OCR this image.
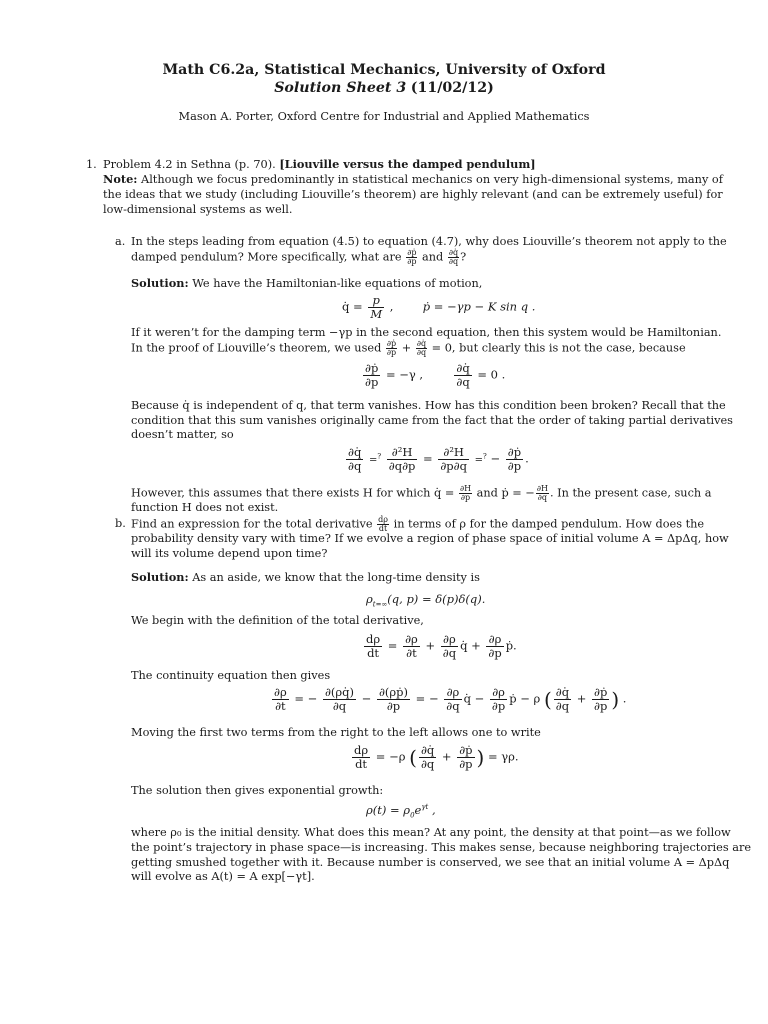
Math C6.2a, Statistical Mechanics, University of Oxford
Solution Sheet 3 (11/02/12)
Mason A. Porter, Oxford Centre for Industrial and Applied Mathematics
1. Problem 4.2 in Sethna (p. 70). [Liouville versus the damped pendulum]
Note: Although we focus predominantly in statistical mechanics on very high-dimensional systems, many of
the ideas that we study (including Liouville’s theorem) are highly relevant (and can be extremely useful) for
low-dimensional systems as well.
a. In the steps leading from equation (4.5) to equation (4.7), why does Liouville’s theorem not apply to the
damped pendulum? More specifically, what are $\frac{\text{∂ṗ}}{\partial p}$ and $\frac{\partial q̇}{\partial q}$ ?
Solution: We have the Hamiltonian-like equations of motion,
q̇ = $\frac{p}{M}$ ,  ṗ = −γp − K sin q .
If it weren’t for the damping term −γp in the second equation, then this system would be Hamiltonian.
In the proof of Liouville’s theorem, we used $\frac{\text{∂ṗ}}{\partial p} + \frac{\partial q̇}{\partial q} = 0$, but clearly this is not the case, because
$\frac{\text{∂ṗ}}{\partial p} = -\gamma$ ,	$\frac{\partial q̇}{\partial q} = 0$ .
Because q̇ is independent of q, that term vanishes. How has this condition been broken? Recall that the
condition that this sum vanishes originally came from the fact that the order of taking partial derivatives
doesn’t matter, so
$\frac{\partial q̇}{\partial q} =^? \frac{\text{∂²H}}{\partial q\partial p} = \frac{\text{∂²H}}{\partial p\partial q} =^? - \frac{\text{∂ṗ}}{\partial p}$ .
However, this assumes that there exists H for which q̇ = $\frac{\partial H}{\partial p}$ and ṗ = − $\frac{\partial H}{\partial q}$ . In the present case, such a
function H does not exist.
b. Find an expression for the total derivative $\frac{d\rho}{dt}$ in terms of ρ for the damped pendulum. How does the
probability density vary with time? If we evolve a region of phase space of initial volume A = ΔpΔq, how
will its volume depend upon time?
Solution: As an aside, we know that the long-time density is
$\rho_{t=\infty}(q$, p) = δ(p)δ(q).
We begin with the definition of the total derivative,
$\frac{d\rho}{dt} = \frac{\partial\rho}{\partial t} + \frac{\partial\rho}{\partial q}$ q̇ + $\frac{\partial\rho}{\partial p}$ ṗ.
The continuity equation then gives
$\frac{\partial\rho}{\partial t}$ = − $\frac{\partial(\rho q̇)}{\partial q} - \frac{\text{∂(ρṗ)}}{\partial p}$ = − $\frac{\partial\rho}{\partial q}$ q̇ − $\frac{\partial\rho}{\partial p}$ ṗ − ρ ( $\frac{\partial q̇}{\partial q} + \frac{\text{∂ṗ}}{\partial p}$ ) .
Moving the first two terms from the right to the left allows one to write
$\frac{d\rho}{dt} = -\rho$ ( $\frac{\partial q̇}{\partial q} + \frac{\text{∂ṗ}}{\partial p}$ ) = γρ.
The solution then gives exponential growth:
$\rho(t) = \rho_0e^{\gamma t}$ ,
where ρ₀ is the initial density. What does this mean? At any point, the density at that point—as we follow
the point’s trajectory in phase space—is increasing. This makes sense, because neighboring trajectories are
getting smushed together with it. Because number is conserved, we see that an initial volume A = ΔpΔq
will evolve as A(t) = A exp[−γt].
